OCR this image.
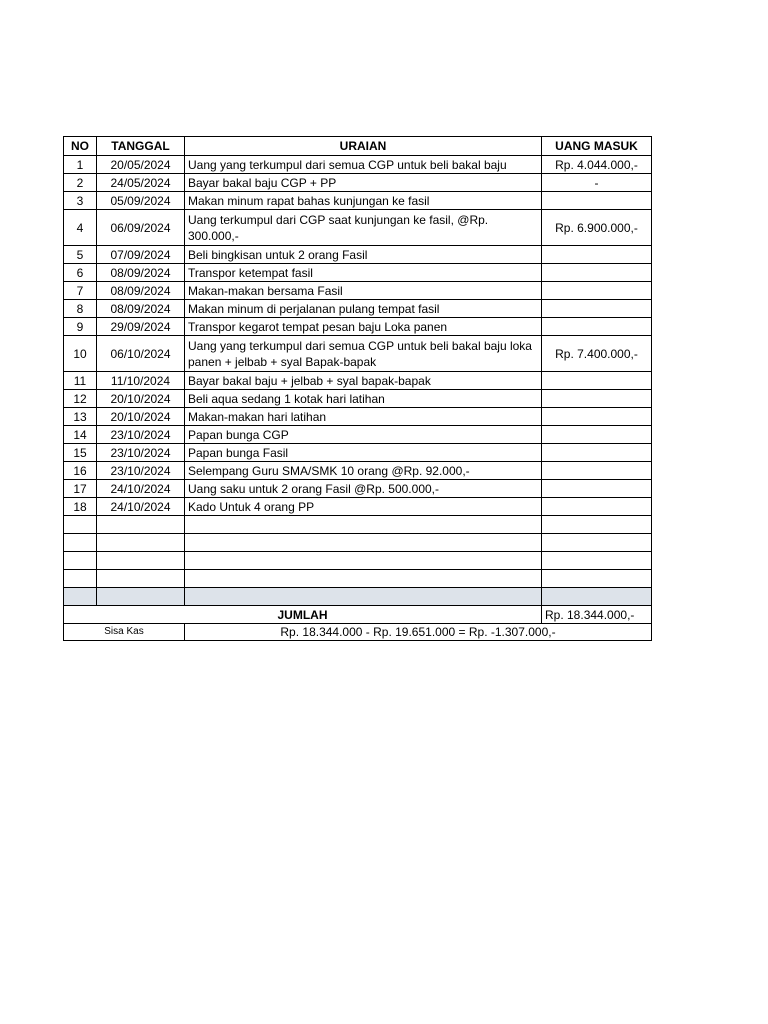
NO	TANGGAL	URAIAN	UANG MASUK
1	20/05/2024	Uang yang terkumpul dari semua CGP untuk beli bakal baju	Rp. 4.044.000,-
2	24/05/2024	Bayar bakal baju CGP + PP	-
3	05/09/2024	Makan minum rapat bahas kunjungan ke fasil	
4	06/09/2024	Uang terkumpul dari CGP saat kunjungan ke fasil, @Rp. 300.000,-	Rp. 6.900.000,-
5	07/09/2024	Beli bingkisan untuk 2 orang Fasil	
6	08/09/2024	Transpor ketempat fasil	
7	08/09/2024	Makan-makan bersama Fasil	
8	08/09/2024	Makan minum di perjalanan pulang tempat fasil	
9	29/09/2024	Transpor kegarot tempat pesan baju Loka panen	
10	06/10/2024	Uang yang terkumpul dari semua CGP untuk beli bakal baju loka panen + jelbab + syal Bapak-bapak	Rp. 7.400.000,-
11	11/10/2024	Bayar bakal baju + jelbab + syal bapak-bapak	
12	20/10/2024	Beli aqua sedang 1 kotak hari latihan	
13	20/10/2024	Makan-makan hari latihan	
14	23/10/2024	Papan bunga CGP	
15	23/10/2024	Papan bunga Fasil	
16	23/10/2024	Selempang Guru SMA/SMK 10 orang @Rp. 92.000,-	
17	24/10/2024	Uang saku untuk 2 orang Fasil @Rp. 500.000,-	
18	24/10/2024	Kado Untuk 4 orang PP	

JUMLAH			Rp. 18.344.000,-
Sisa Kas		Rp. 18.344.000 - Rp. 19.651.000 = Rp. -1.307.000,-	
